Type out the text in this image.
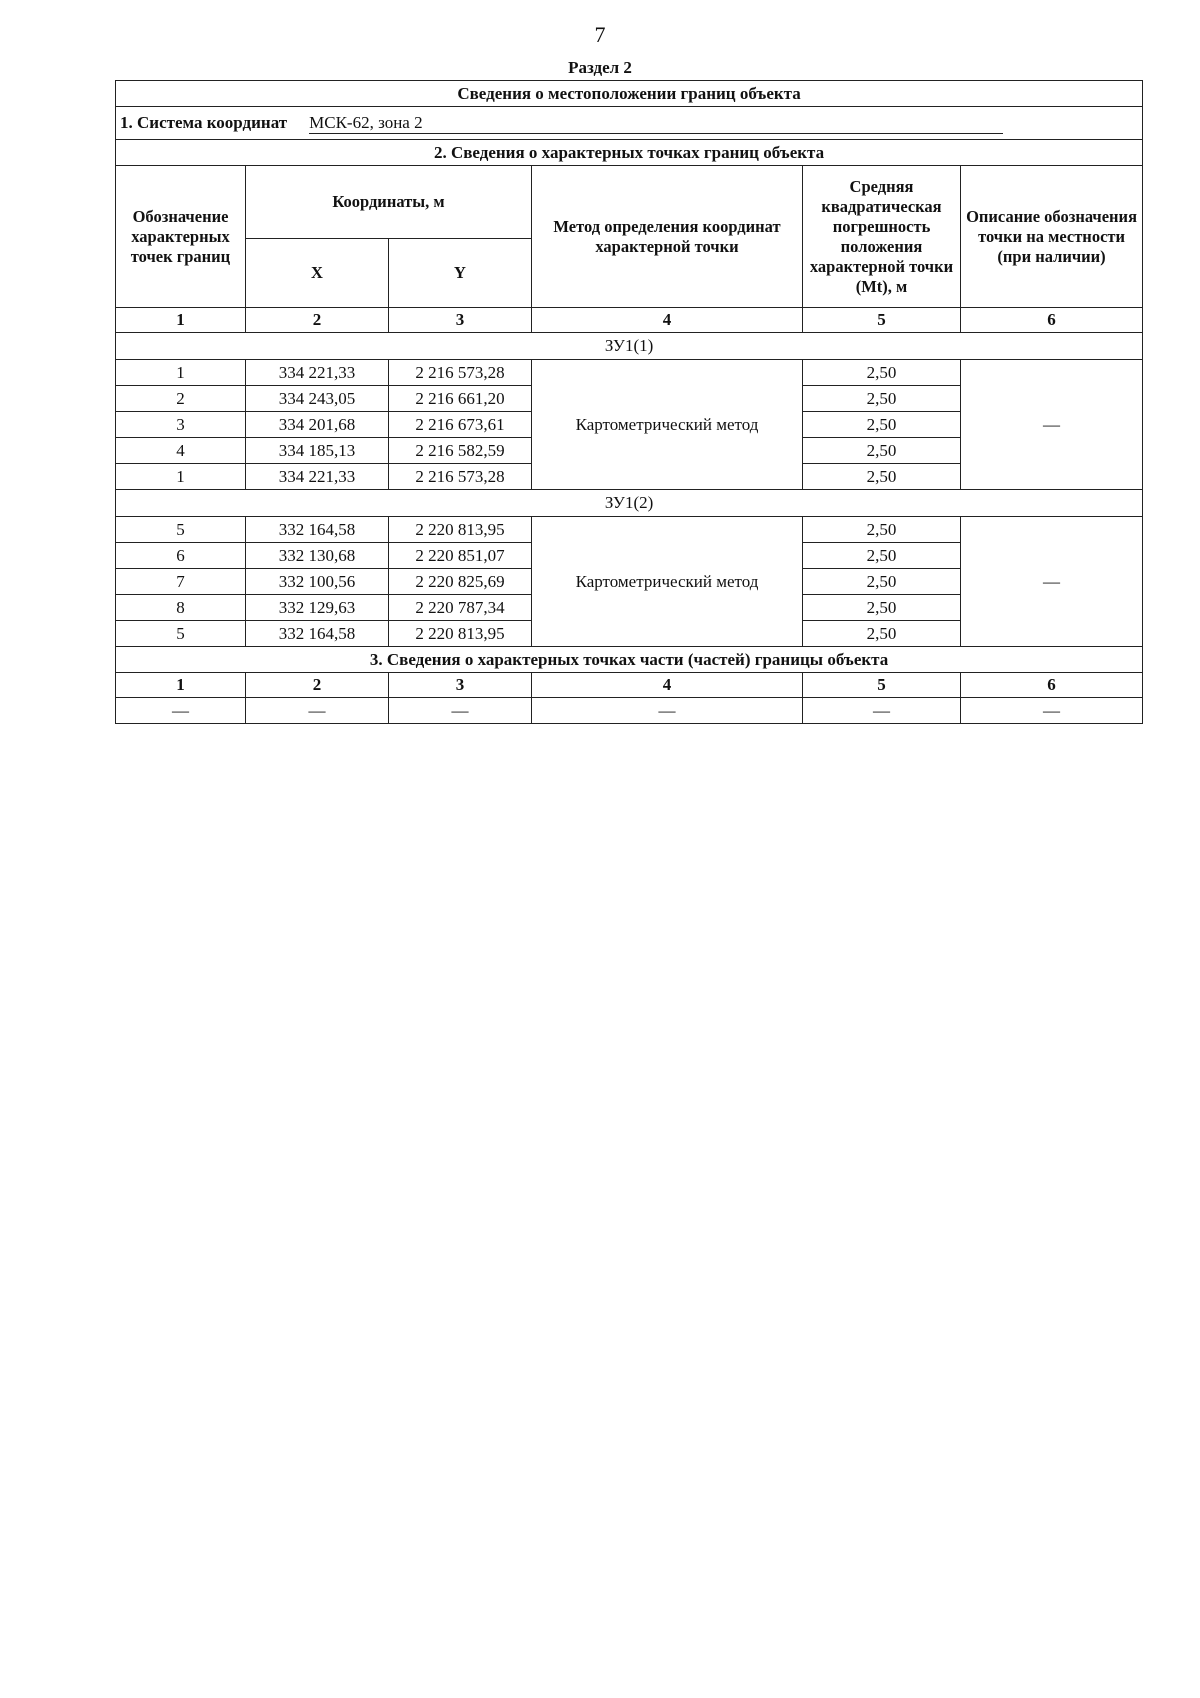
7
Раздел 2
Сведения о местоположении границ объекта					
1. Система координат МСК-62, зона 2					
2. Сведения о характерных точках границ объекта					
Обозначение характерных точек границ	Координаты, м		Метод определения координат характерной точки	Средняя квадратическая погрешность положения характерной точки (Mt), м	Описание обозначения точки на местности (при наличии)
	X	Y			
1	2	3	4	5	6
ЗУ1(1)					
1	334 221,33	2 216 573,28	Картометрический метод	2,50	—
2	334 243,05	2 216 661,20		2,50	
3	334 201,68	2 216 673,61		2,50	
4	334 185,13	2 216 582,59		2,50	
1	334 221,33	2 216 573,28		2,50	
ЗУ1(2)					
5	332 164,58	2 220 813,95	Картометрический метод	2,50	—
6	332 130,68	2 220 851,07		2,50	
7	332 100,56	2 220 825,69		2,50	
8	332 129,63	2 220 787,34		2,50	
5	332 164,58	2 220 813,95		2,50	
3. Сведения о характерных точках части (частей) границы объекта					
1	2	3	4	5	6
—	—	—	—	—	—
